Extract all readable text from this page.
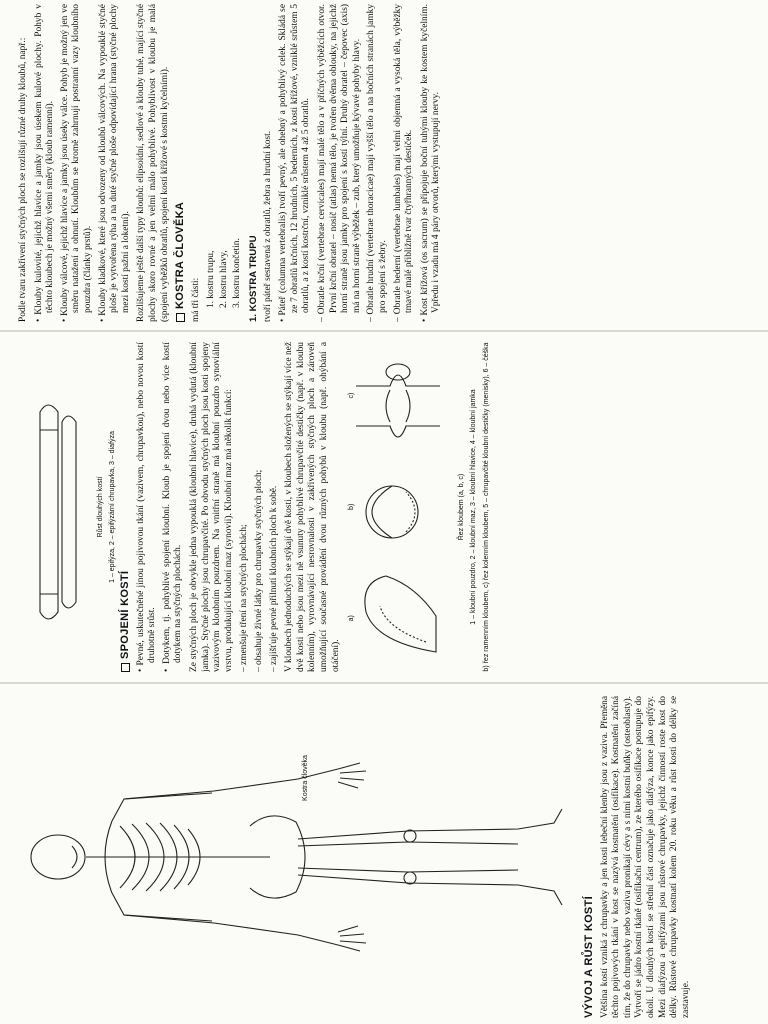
Kostra člověka
VÝVOJ A RŮST KOSTÍ Většina kostí vzniká z chrupavky a jen kosti lebeční klenby jsou z vaziva. Přeměna těchto pojivových tkání v kost se nazývá kostnatění (osifikace). Kostnatění začíná tím, že do chrupavky nebo vaziva pronikají cévy a s nimi kostní buňky (osteoblasty). Vytvoří se jádro kostní tkáně (osifikační centrum), ze kterého osifikace postupuje do okolí. U dlouhých kostí se střední část označuje jako diafýza, konce jako epifýzy. Mezi diafýzou a epifýzami jsou růstové chrupavky, jejichž činností roste kost do délky. Růstové chrupavky kostnatí kolem 20. roku věku a růst kosti do délky se zastavuje.

Růst dlouhých kostí 1 – epifýza, 2 – epifýzární chrupavka, 3 – diafýza
SPOJENÍ KOSTÍ • Pevné, uskutečněné jinou pojivovou tkání (vazivem, chrupavkou), nebo novou kostí druhotně srůst. • Dotykem, tj. pohyblivé spojení kloubní. Kloub je spojení dvou nebo více kostí dotykem na styčných plochách. Ze styčných ploch je obvykle jedna vypouklá (kloubní hlavice), druhá vydutá (kloubní jamka). Styčné plochy jsou chrupavčité. Po obvodu styčných ploch jsou kosti spojeny vazivovým kloubním pouzdrem. Na vnitřní straně má kloubní pouzdro synoviální vrstvu, produkující kloubní maz (synovii). Kloubní maz má několik funkcí: – zmenšuje tření na styčných plochách; – obsahuje živné látky pro chrupavky styčných ploch; – zajišťuje pevné přilnutí kloubních ploch k sobě. V kloubech jednoduchých se stýkají dvě kosti, v kloubech složených se stýkají více než dvě kosti nebo jsou mezi ně vsunuty pohyblivé chrupavčité destičky (např. v kloubu kolenním), vyrovnávající nesrovnalosti v zakřivených styčných ploch a zároveň umožňující současné provádění dvou různých pohybů v kloubu (např. ohýbání a otáčení).

a)
b)
c)
Řez kloubem (a, b, c) 1 – kloubní pouzdro, 2 – kloubní maz, 3 – kloubní hlavice, 4 – kloubní jamka b) řez ramenním kloubem, c) řez kolenním kloubem, 5 – chrupavčité kloubní destičky (menisky), 6 – čéška

Podle tvaru zakřivení styčných ploch se rozlišují různé druhy kloubů, např.: • Klouby kulovité, jejichž hlavice a jamky jsou úsekem kulové plochy. Pohyb v těchto kloubech je možný všemi směry (kloub ramenní). • Klouby válcové, jejichž hlavice a jamky jsou úseky válce. Pohyb je možný jen ve směru natažení a ohnutí. Kloubům se kromě zahrnují postranní vazy kloubního pouzdra (články prstů). • Klouby kladkové, které jsou odvozeny od kloubů válcových. Na vypouklé styčné ploše je vytvořena rýha a na duté styčné ploše odpovídající hrana (styčné plochy mezi kostí pažní a loketní). Rozlišujeme ještě další typy kloubů: elipsoidní, sedlové a klouby tuhé, mající styčné plochy skoro rovné a jen velmi málo pohyblivé. Pohyblivost v kloubu je malá (spojení vyběžků obratlů, spojení kostí křížové s kostmi kyčelními). KOSTRA ČLOVĚKA má tři části: 1. kostru trupu, 2. kostru hlavy, 3. kostru končetin. 1. KOSTRA TRUPU tvoří páteř sestavená z obratlů, žebra a hrudní kost. • Páteř (columna vertebralis) tvoří pevný, ale ohebný a pohyblivý celek. Skládá se ze 7 obratlů krčních, 12 hrudních, 5 bederních, z kosti křížové, vzniklé srůstem 5 obratlů, a z kostí kostrční, vzniklé srůstem 4 až 5 obratlů. – Obratle krční (vertebrae cervicales) mají malé tělo a v příčných výběžcích otvor. První krční obratel – nosič (atlas) nemá tělo, je tvořen dvěma oblouky, na jejichž horní straně jsou jamky pro spojení s kostí týlní. Druhý obratel – čepovec (axis) má na horní straně výběžek – zub, který umožňuje kývavé pohyby hlavy. – Obratle hrudní (vertebrae thoracicae) mají vyšší tělo a na bočních stranách jamky pro spojení s žebry. – Obratle bederní (vertebrae lumbales) mají velmi objemná a vysoká těla, výběžky tmavé malé přibližně tvar čtyřhranných destiček. • Kost křížová (os sacrum) se připojuje boční tuhými klouby ke kostem kyčelním. Vpředu i vzadu má 4 páry otvorů, kterými vystupují nervy.
